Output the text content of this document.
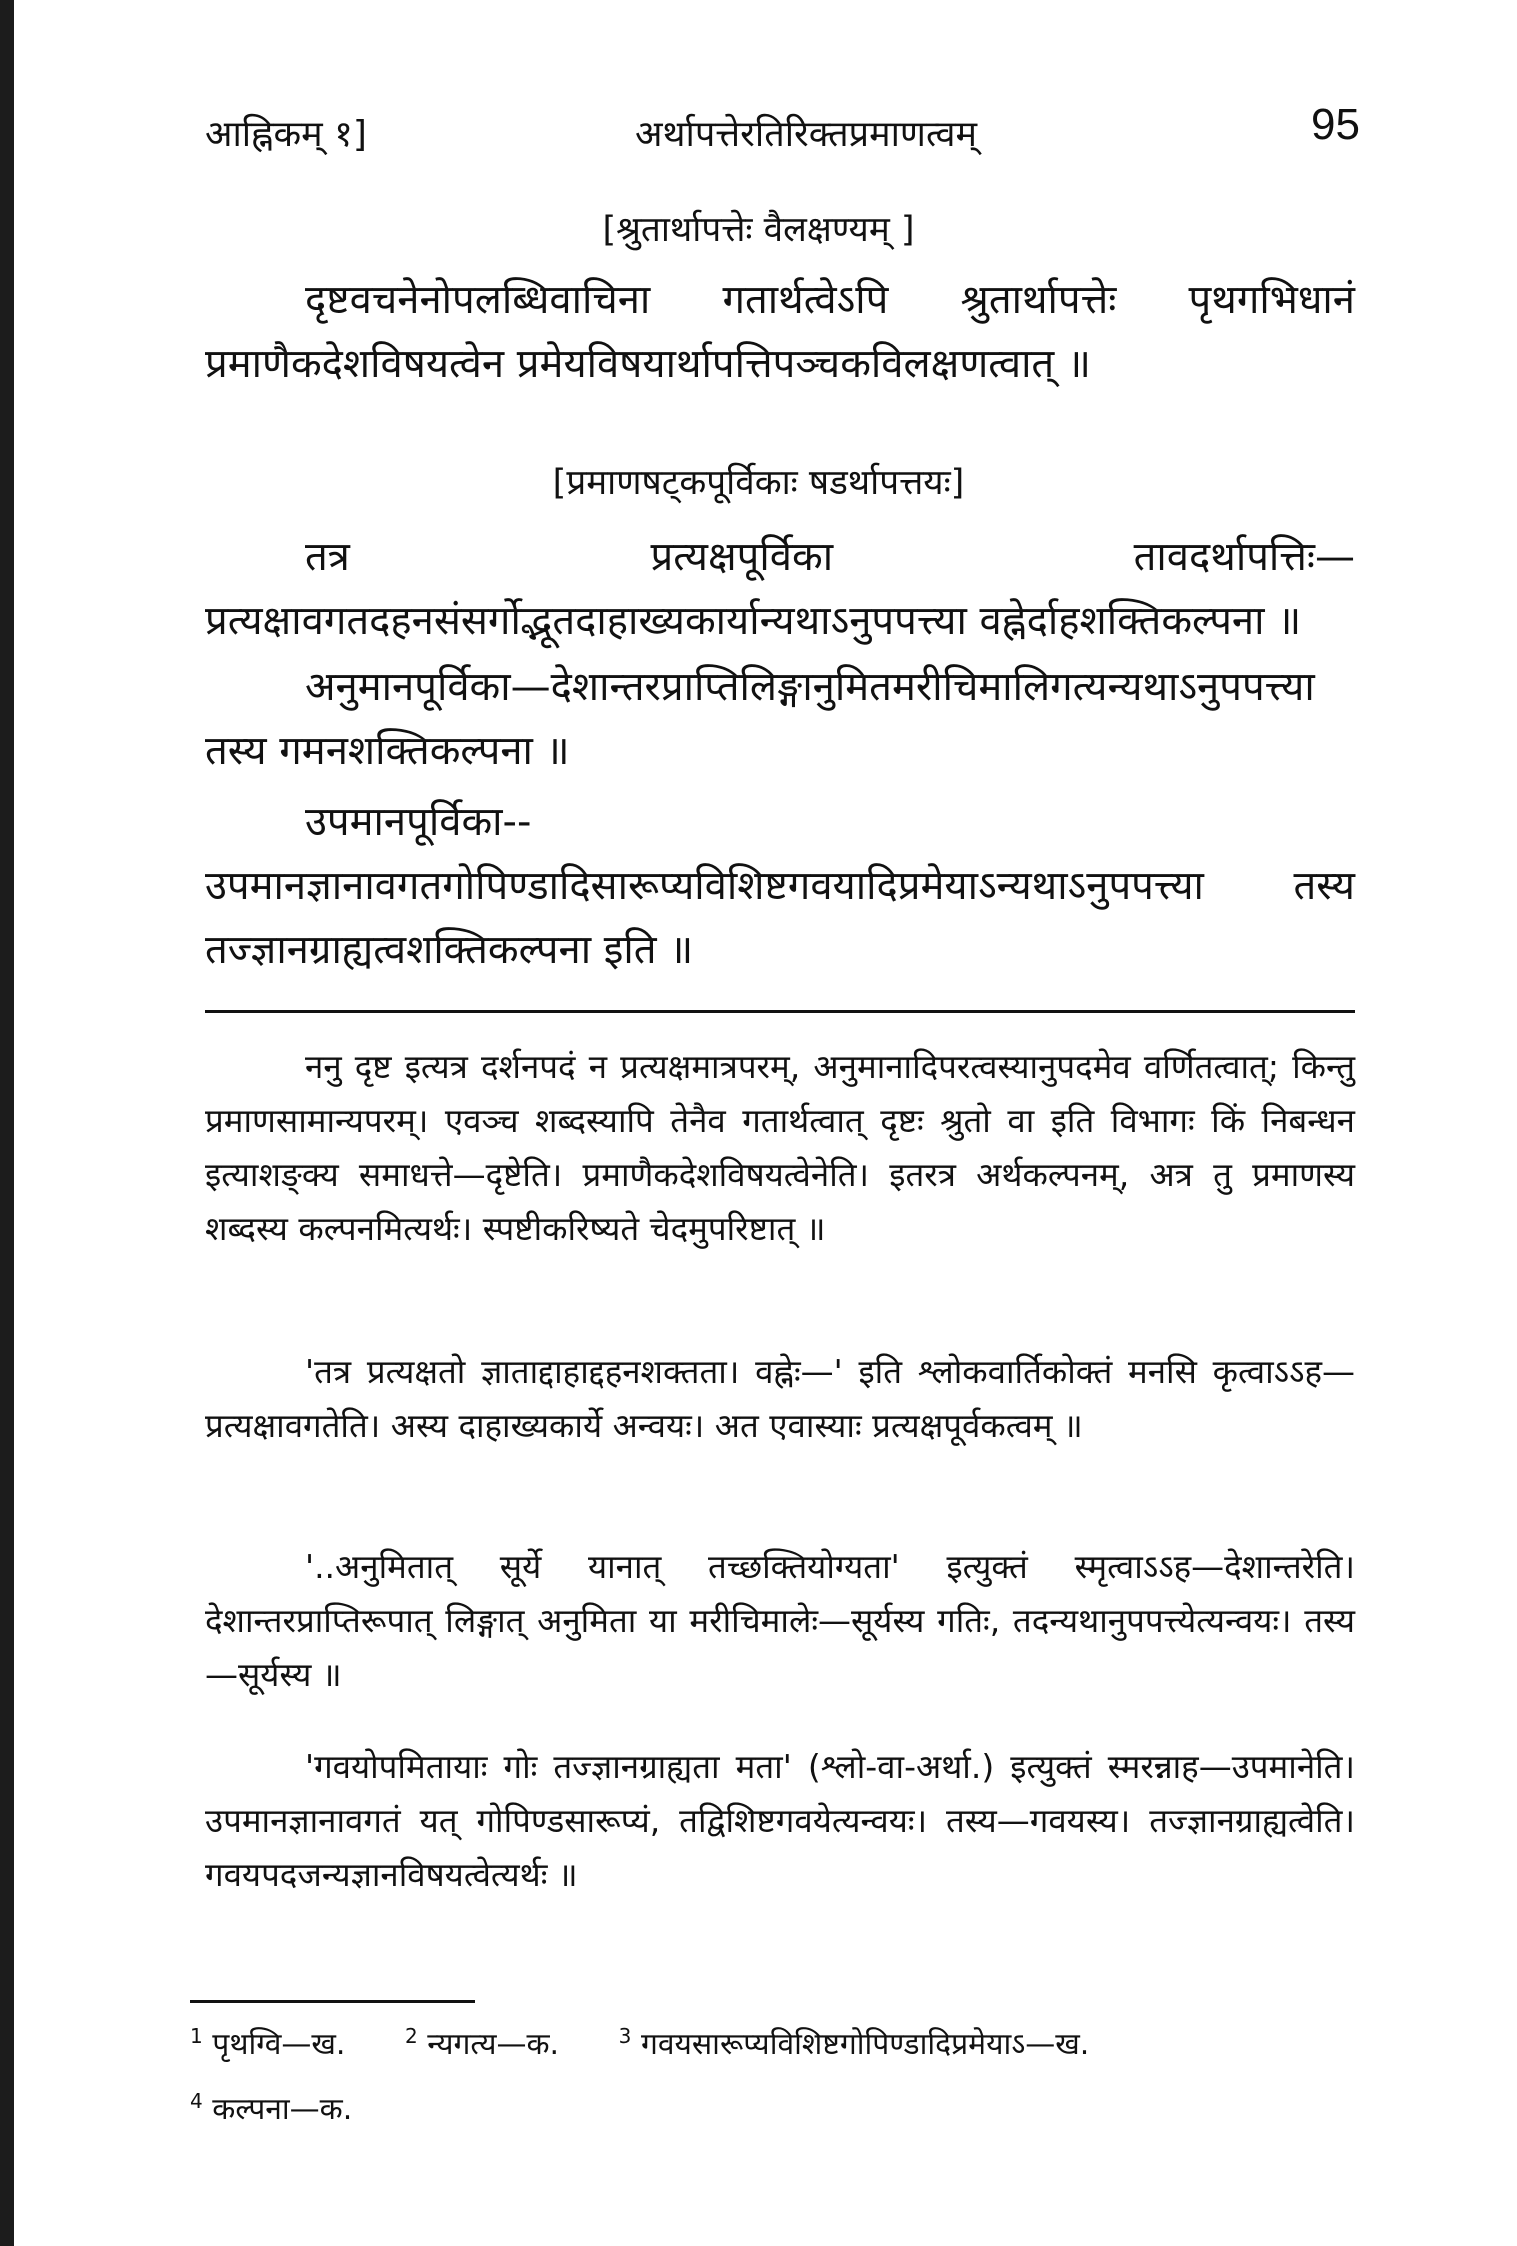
आह्निकम् १]	अर्थापत्तेरतिरिक्तप्रमाणत्वम्	95
[श्रुतार्थापत्तेः वैलक्षण्यम् ]

दृष्टवचनेनोपलब्धिवाचिना गतार्थत्वेऽपि श्रुतार्थापत्तेः पृथगभिधानं प्रमाणैकदेशविषयत्वेन प्रमेयविषयार्थापत्तिपञ्चकविलक्षणत्वात् ॥

[प्रमाणषट्कपूर्विकाः षडर्थापत्तयः]

तत्र प्रत्यक्षपूर्विका तावदर्थापत्तिः—प्रत्यक्षावगतदहनसंसर्गोद्भूतदाहाख्यकार्यान्यथाऽनुपपत्त्या वह्नेर्दाहशक्तिकल्पना ॥

अनुमानपूर्विका—देशान्तरप्राप्तिलिङ्गानुमितमरीचिमालिगत्यन्यथाऽनुपपत्त्या तस्य गमनशक्तिकल्पना ॥

उपमानपूर्विका--उपमानज्ञानावगतगोपिण्डादिसारूप्यविशिष्टगवयादिप्रमेयाऽन्यथाऽनुपपत्त्या तस्य तज्ज्ञानग्राह्यत्वशक्तिकल्पना इति ॥

ननु दृष्ट इत्यत्र दर्शनपदं न प्रत्यक्षमात्रपरम्, अनुमानादिपरत्वस्यानुपदमेव वर्णितत्वात्; किन्तु प्रमाणसामान्यपरम्। एवञ्च शब्दस्यापि तेनैव गतार्थत्वात् दृष्टः श्रुतो वा इति विभागः किं निबन्धन इत्याशङ्क्य समाधत्ते—दृष्टेति। प्रमाणैकदेशविषयत्वेनेति। इतरत्र अर्थकल्पनम्, अत्र तु प्रमाणस्य शब्दस्य कल्पनमित्यर्थः। स्पष्टीकरिष्यते चेदमुपरिष्टात् ॥

'तत्र प्रत्यक्षतो ज्ञाताद्दाहाद्दहनशक्तता। वह्नेः—' इति श्लोकवार्तिकोक्तं मनसि कृत्वाऽऽह—प्रत्यक्षावगतेति। अस्य दाहाख्यकार्ये अन्वयः। अत एवास्याः प्रत्यक्षपूर्वकत्वम् ॥

'..अनुमितात् सूर्ये यानात् तच्छक्तियोग्यता' इत्युक्तं स्मृत्वाऽऽह—देशान्तरेति। देशान्तरप्राप्तिरूपात् लिङ्गात् अनुमिता या मरीचिमालेः—सूर्यस्य गतिः, तदन्यथानुपपत्त्येत्यन्वयः। तस्य—सूर्यस्य ॥

'गवयोपमितायाः गोः तज्ज्ञानग्राह्यता मता' (श्लो-वा-अर्था.) इत्युक्तं स्मरन्नाह—उपमानेति। उपमानज्ञानावगतं यत् गोपिण्डसारूप्यं, तद्विशिष्टगवयेत्यन्वयः। तस्य—गवयस्य। तज्ज्ञानग्राह्यत्वेति। गवयपदजन्यज्ञानविषयत्वेत्यर्थः ॥

$^1$ पृथग्वि—ख.	$^2$ न्यगत्य—क.	$^3$ गवयसारूप्यविशिष्टगोपिण्डादिप्रमेयाऽ—ख.
$^4$ कल्पना—क.
